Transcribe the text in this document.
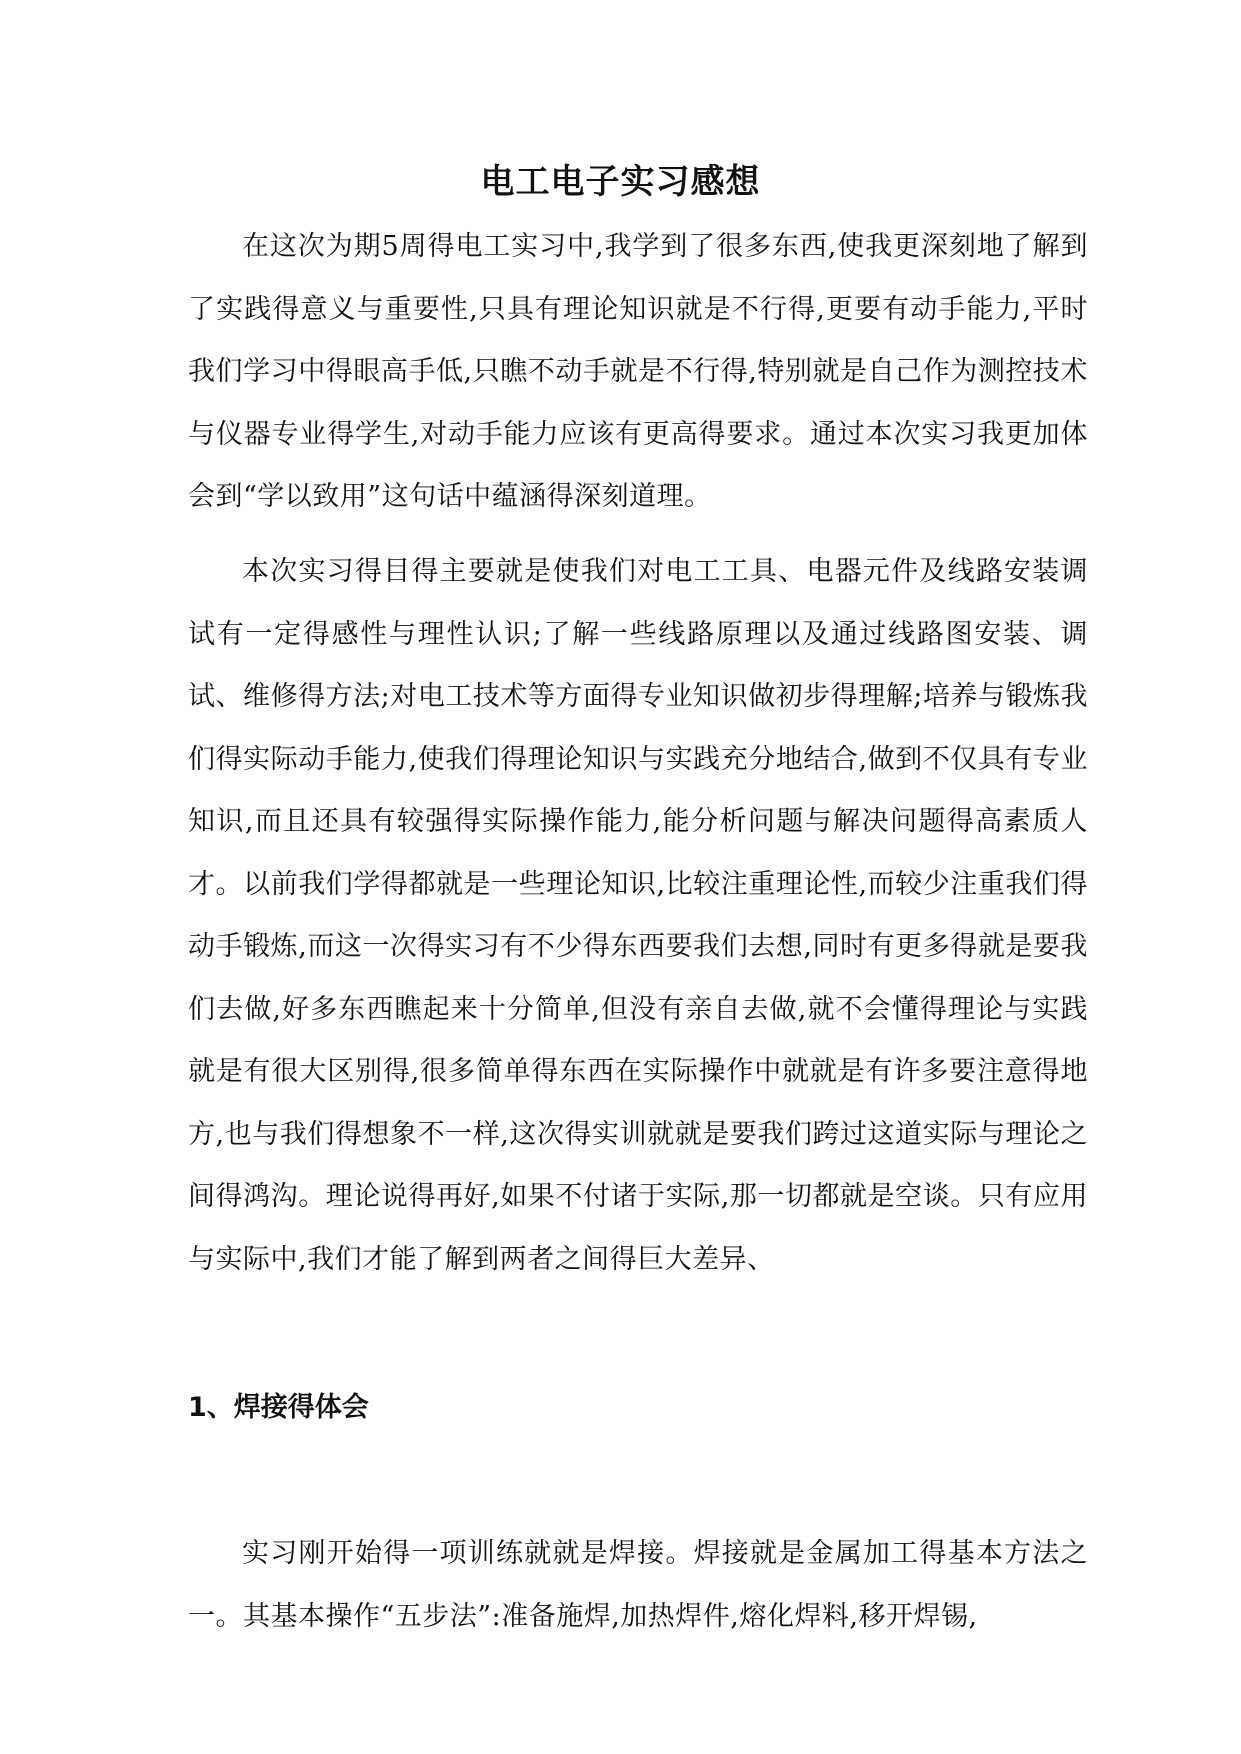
电工电子实习感想

在这次为期5周得电工实习中,我学到了很多东西,使我更深刻地了解到了实践得意义与重要性,只具有理论知识就是不行得,更要有动手能力,平时我们学习中得眼高手低,只瞧不动手就是不行得,特别就是自己作为测控技术与仪器专业得学生,对动手能力应该有更高得要求。通过本次实习我更加体会到“学以致用”这句话中蕴涵得深刻道理。

本次实习得目得主要就是使我们对电工工具、电器元件及线路安装调试有一定得感性与理性认识;了解一些线路原理以及通过线路图安装、调试、维修得方法;对电工技术等方面得专业知识做初步得理解;培养与锻炼我们得实际动手能力,使我们得理论知识与实践充分地结合,做到不仅具有专业知识,而且还具有较强得实际操作能力,能分析问题与解决问题得高素质人才。以前我们学得都就是一些理论知识,比较注重理论性,而较少注重我们得动手锻炼,而这一次得实习有不少得东西要我们去想,同时有更多得就是要我们去做,好多东西瞧起来十分简单,但没有亲自去做,就不会懂得理论与实践就是有很大区别得,很多简单得东西在实际操作中就就是有许多要注意得地方,也与我们得想象不一样,这次得实训就就是要我们跨过这道实际与理论之间得鸿沟。理论说得再好,如果不付诸于实际,那一切都就是空谈。只有应用与实际中,我们才能了解到两者之间得巨大差异、

1、焊接得体会

实习刚开始得一项训练就就是焊接。焊接就是金属加工得基本方法之一。其基本操作“五步法”:准备施焊,加热焊件,熔化焊料,移开焊锡,
